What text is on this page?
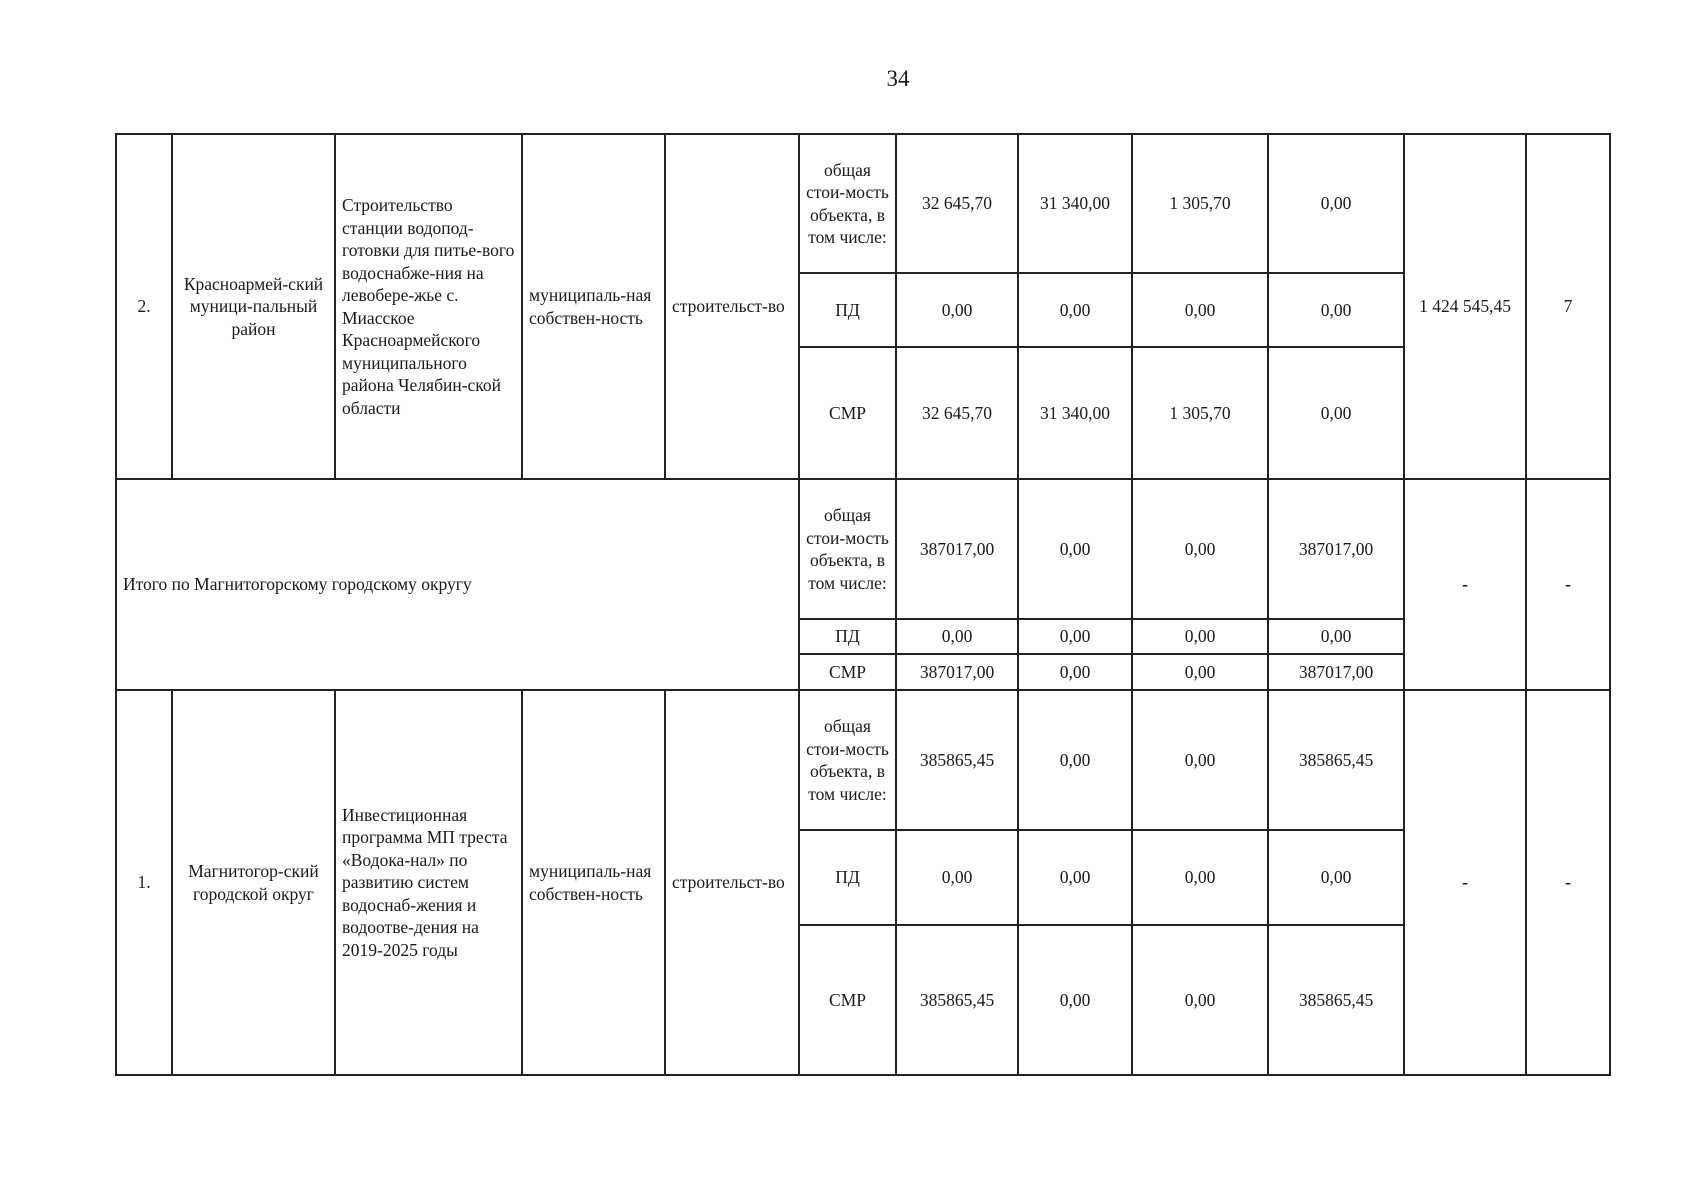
34
2.	Красноармей-ский муници-пальный район	Строительство станции водопод-готовки для питье-вого водоснабже-ния на левобере-жье с. Миасское Красноармейского муниципального района Челябин-ской области	муниципаль-ная собствен-ность	строительст-во	общая стои-мость объекта, в том числе:	32 645,70	31 340,00	1 305,70	0,00	1 424 545,45	7
					ПД	0,00	0,00	0,00	0,00		
					СМР	32 645,70	31 340,00	1 305,70	0,00		
Итого по Магнитогорскому городскому округу					общая стои-мость объекта, в том числе:	387017,00	0,00	0,00	387017,00	-	-
					ПД	0,00	0,00	0,00	0,00		
					СМР	387017,00	0,00	0,00	387017,00		
1.	Магнитогор-ский городской округ	Инвестиционная программа МП треста «Водока-нал» по развитию систем водоснаб-жения и водоотве-дения на 2019-2025 годы	муниципаль-ная собствен-ность	строительст-во	общая стои-мость объекта, в том числе:	385865,45	0,00	0,00	385865,45	-	-
					ПД	0,00	0,00	0,00	0,00		
					СМР	385865,45	0,00	0,00	385865,45		
